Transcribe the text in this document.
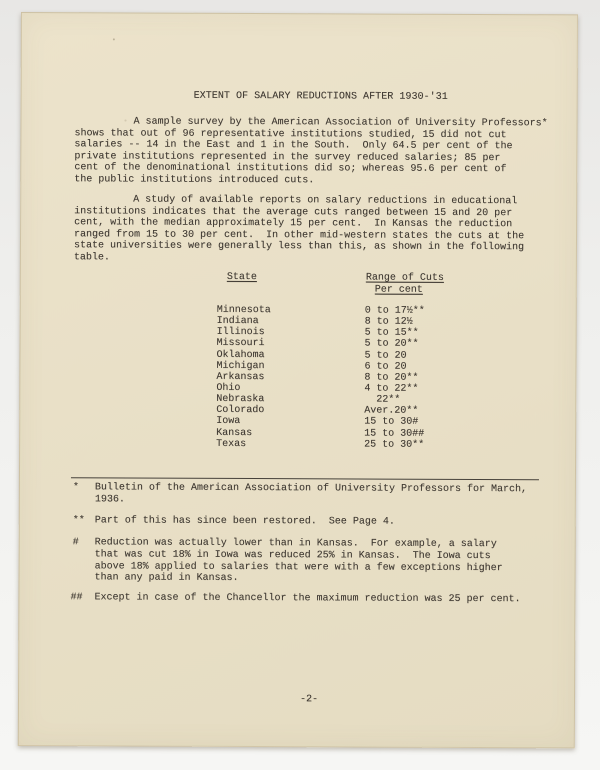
EXTENT OF SALARY REDUCTIONS AFTER 1930-'31
A sample survey by the American Association of University Professors*
shows that out of 96 representative institutions studied, 15 did not cut
salaries -- 14 in the East and 1 in the South.  Only 64.5 per cent of the
private institutions represented in the survey reduced salaries; 85 per
cent of the denominational institutions did so; whereas 95.6 per cent of
the public institutions introduced cuts.
A study of available reports on salary reductions in educational
institutions indicates that the average cuts ranged between 15 and 20 per
cent, with the median approximately 15 per cent.  In Kansas the reduction
ranged from 15 to 30 per cent.  In other mid-western states the cuts at the
state universities were generally less than this, as shown in the following
table.
State	Range of Cuts
Per cent
Minnesota	0 to 17½**
Indiana	8 to 12½
Illinois	5 to 15**
Missouri	5 to 20**
Oklahoma	5 to 20
Michigan	6 to 20
Arkansas	8 to 20**
Ohio	4 to 22**
Nebraska	22**
Colorado	Aver.20**
Iowa	15 to 30#
Kansas	15 to 30##
Texas	25 to 30**
* Bulletin of the American Association of University Professors for March,
1936.
** Part of this has since been restored.  See Page 4.
# Reduction was actually lower than in Kansas.  For example, a salary
that was cut 18% in Iowa was reduced 25% in Kansas.  The Iowa cuts
above 18% applied to salaries that were with a few exceptions higher
than any paid in Kansas.
## Except in case of the Chancellor the maximum reduction was 25 per cent.
-2-
